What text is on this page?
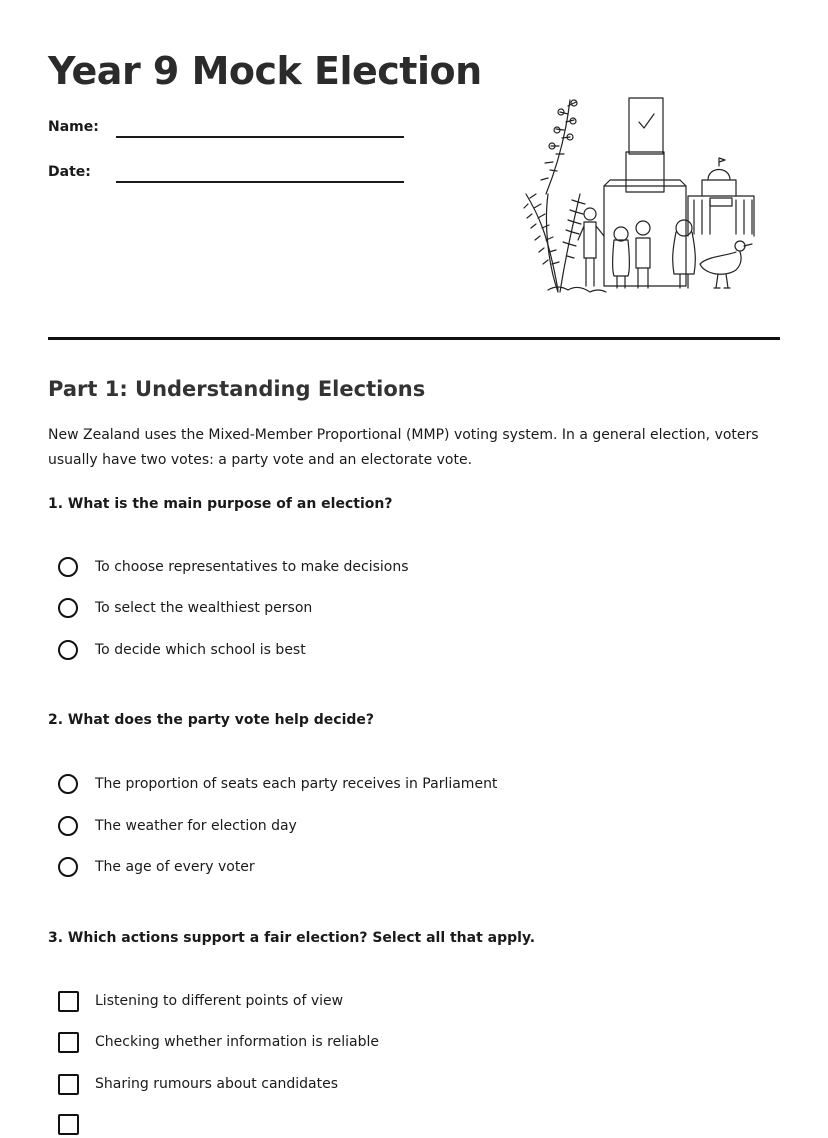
Year 9 Mock Election
Name:
Date:
Part 1: Understanding Elections

New Zealand uses the Mixed-Member Proportional (MMP) voting system. In a general election, voters usually have two votes: a party vote and an electorate vote.

1. What is the main purpose of an election?

To choose representatives to make decisions
To select the wealthiest person
To decide which school is best

2. What does the party vote help decide?

The proportion of seats each party receives in Parliament
The weather for election day
The age of every voter

3. Which actions support a fair election? Select all that apply.

Listening to different points of view
Checking whether information is reliable
Sharing rumours about candidates
